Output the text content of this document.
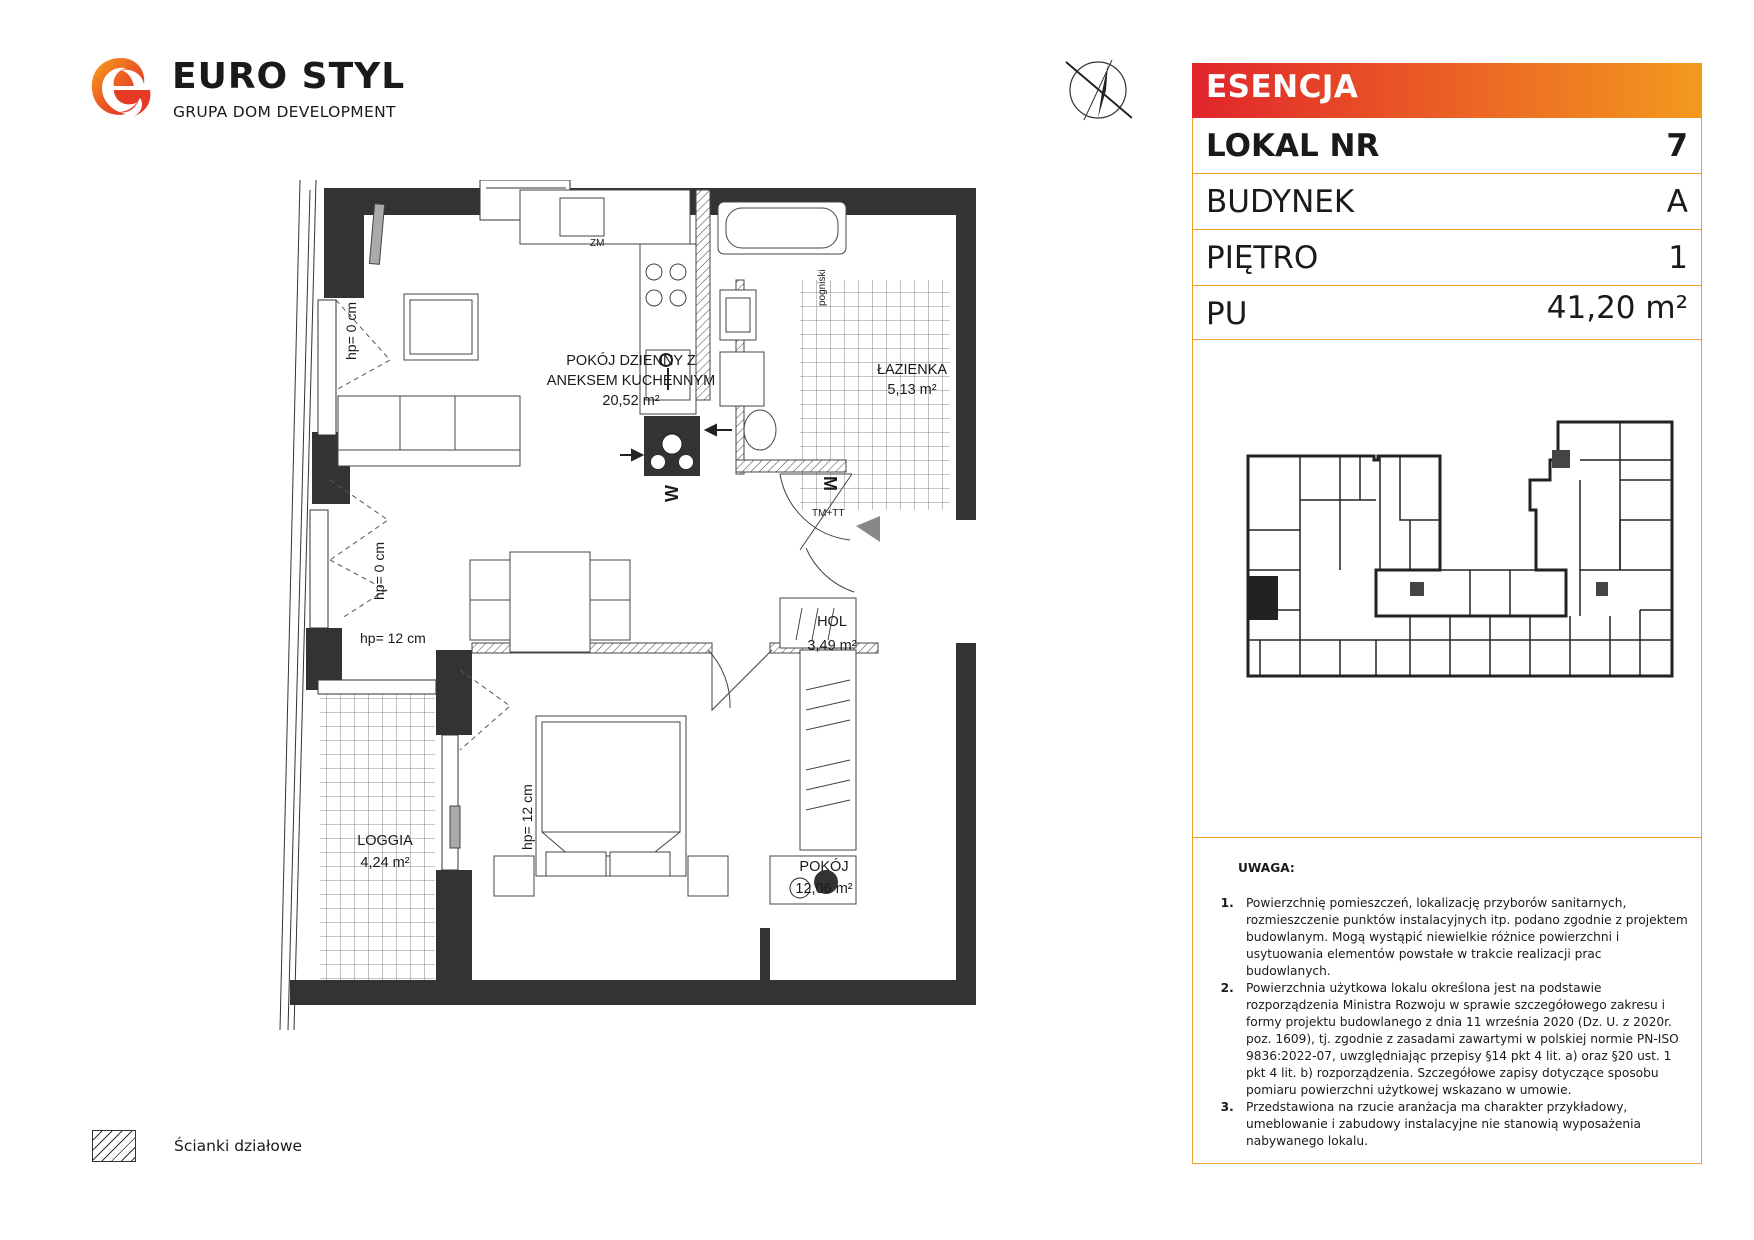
EURO STYL
GRUPA DOM DEVELOPMENT
ESENCJA
LOKAL NR	7
BUDYNEK	A
PIĘTRO	1
PU	41,20 m²
UWAGA:
1. Powierzchnię pomieszczeń, lokalizację przyborów sanitarnych, rozmieszczenie punktów instalacyjnych itp. podano zgodnie z projektem budowlanym. Mogą wystąpić niewielkie różnice powierzchni i usytuowania elementów powstałe w trakcie realizacji prac budowlanych.
2. Powierzchnia użytkowa lokalu określona jest na podstawie rozporządzenia Ministra Rozwoju w sprawie szczegółowego zakresu i formy projektu budowlanego z dnia 11 września 2020 (Dz. U. z 2020r. poz. 1609), tj. zgodnie z zasadami zawartymi w polskiej normie PN-ISO 9836:2022-07, uwzględniając przepisy §14 pkt 4 lit. a) oraz §20 ust. 1 pkt 4 lit. b) rozporządzenia. Szczegółowe zapisy dotyczące sposobu pomiaru powierzchni użytkowej wskazano w umowie.
3. Przedstawiona na rzucie aranżacja ma charakter przykładowy, umeblowanie i zabudowy instalacyjne nie stanowią wyposażenia nabywanego lokalu.
POKÓJ DZIENNY Z
ANEKSEM KUCHENNYM
20,52 m²
ŁAZIENKA
5,13 m²
HOL
3,49 m²
LOGGIA
4,24 m²	POKÓJ
12,06 m²
hp= 0 cm
hp= 0 cm
hp= 12 cm
hp= 12 cm
ZM
TM+TT
pogniski
W
M
Ścianki działowe
